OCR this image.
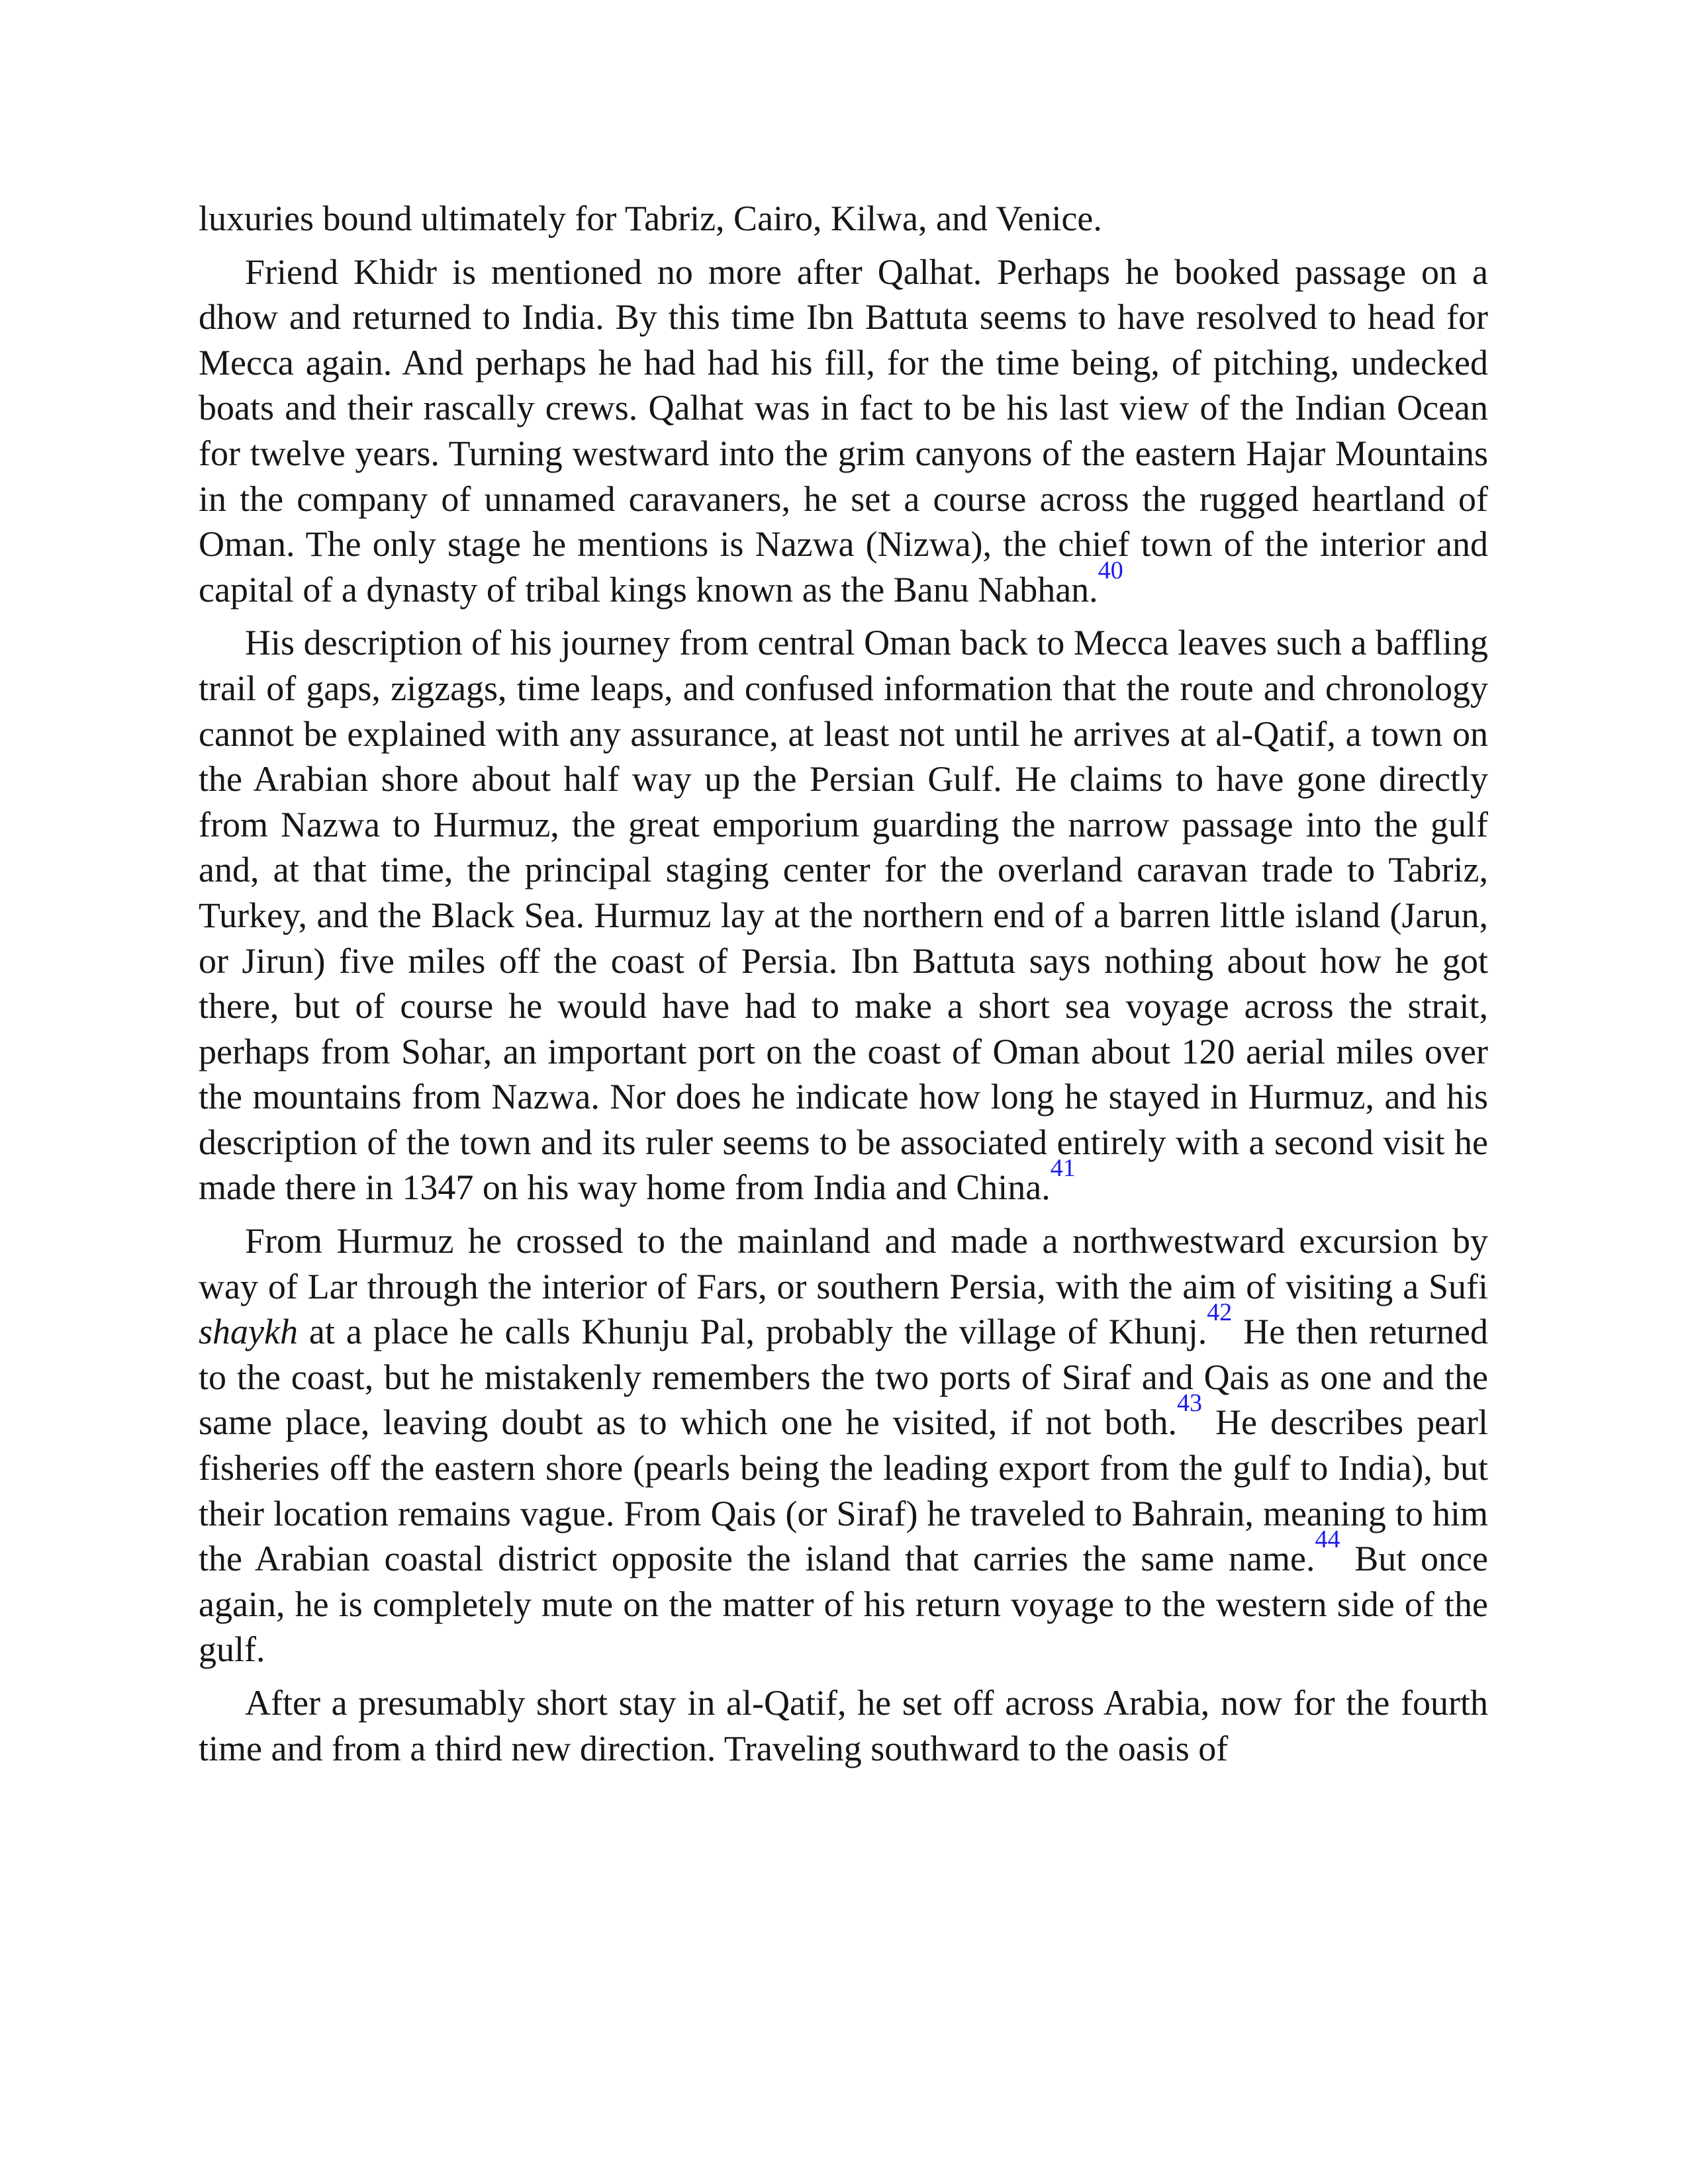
luxuries bound ultimately for Tabriz, Cairo, Kilwa, and Venice.

Friend Khidr is mentioned no more after Qalhat. Perhaps he booked passage on a dhow and returned to India. By this time Ibn Battuta seems to have resolved to head for Mecca again. And perhaps he had had his fill, for the time being, of pitching, undecked boats and their rascally crews. Qalhat was in fact to be his last view of the Indian Ocean for twelve years. Turning westward into the grim canyons of the eastern Hajar Mountains in the company of unnamed caravaners, he set a course across the rugged heartland of Oman. The only stage he mentions is Nazwa (Nizwa), the chief town of the interior and capital of a dynasty of tribal kings known as the Banu Nabhan.$^{40}$

His description of his journey from central Oman back to Mecca leaves such a baffling trail of gaps, zigzags, time leaps, and confused information that the route and chronology cannot be explained with any assurance, at least not until he arrives at al-Qatif, a town on the Arabian shore about half way up the Persian Gulf. He claims to have gone directly from Nazwa to Hurmuz, the great emporium guarding the narrow passage into the gulf and, at that time, the principal staging center for the overland caravan trade to Tabriz, Turkey, and the Black Sea. Hurmuz lay at the northern end of a barren little island (Jarun, or Jirun) five miles off the coast of Persia. Ibn Battuta says nothing about how he got there, but of course he would have had to make a short sea voyage across the strait, perhaps from Sohar, an important port on the coast of Oman about 120 aerial miles over the mountains from Nazwa. Nor does he indicate how long he stayed in Hurmuz, and his description of the town and its ruler seems to be associated entirely with a second visit he made there in 1347 on his way home from India and China.$^{41}$

From Hurmuz he crossed to the mainland and made a northwestward excursion by way of Lar through the interior of Fars, or southern Persia, with the aim of visiting a Sufi shaykh at a place he calls Khunju Pal, probably the village of Khunj.$^{42}$ He then returned to the coast, but he mistakenly remembers the two ports of Siraf and Qais as one and the same place, leaving doubt as to which one he visited, if not both.$^{43}$ He describes pearl fisheries off the eastern shore (pearls being the leading export from the gulf to India), but their location remains vague. From Qais (or Siraf) he traveled to Bahrain, meaning to him the Arabian coastal district opposite the island that carries the same name.$^{44}$ But once again, he is completely mute on the matter of his return voyage to the western side of the gulf.

After a presumably short stay in al-Qatif, he set off across Arabia, now for the fourth time and from a third new direction. Traveling southward to the oasis of
